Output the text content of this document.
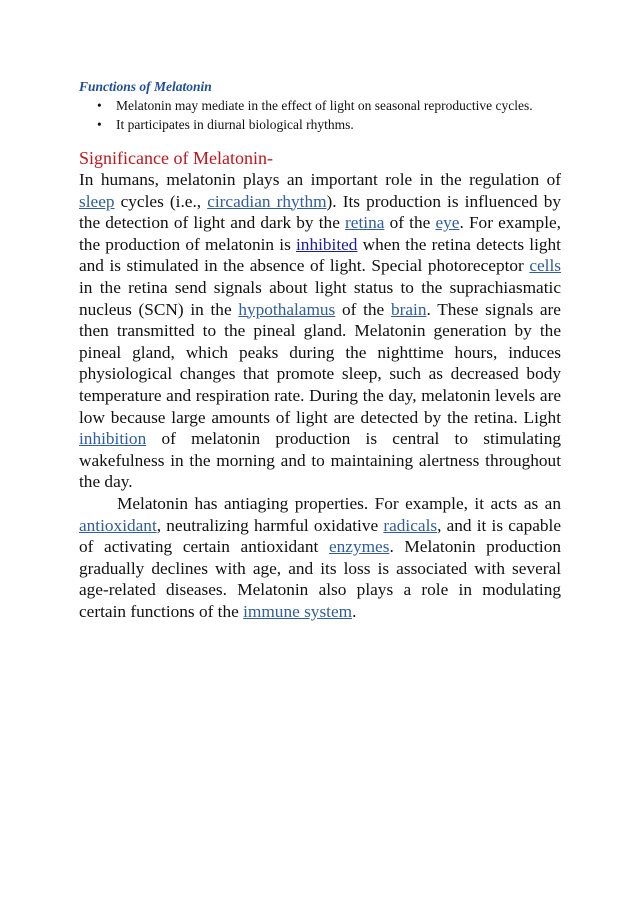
Functions of Melatonin

• Melatonin may mediate in the effect of light on seasonal reproductive cycles.
• It participates in diurnal biological rhythms.
Significance of Melatonin-

In humans, melatonin plays an important role in the regulation of sleep cycles (i.e., circadian rhythm). Its production is influenced by the detection of light and dark by the retina of the eye. For example, the production of melatonin is inhibited when the retina detects light and is stimulated in the absence of light. Special photoreceptor cells in the retina send signals about light status to the suprachiasmatic nucleus (SCN) in the hypothalamus of the brain. These signals are then transmitted to the pineal gland. Melatonin generation by the pineal gland, which peaks during the nighttime hours, induces physiological changes that promote sleep, such as decreased body temperature and respiration rate. During the day, melatonin levels are low because large amounts of light are detected by the retina. Light inhibition of melatonin production is central to stimulating wakefulness in the morning and to maintaining alertness throughout the day.

Melatonin has antiaging properties. For example, it acts as an antioxidant, neutralizing harmful oxidative radicals, and it is capable of activating certain antioxidant enzymes. Melatonin production gradually declines with age, and its loss is associated with several age-related diseases. Melatonin also plays a role in modulating certain functions of the immune system.
